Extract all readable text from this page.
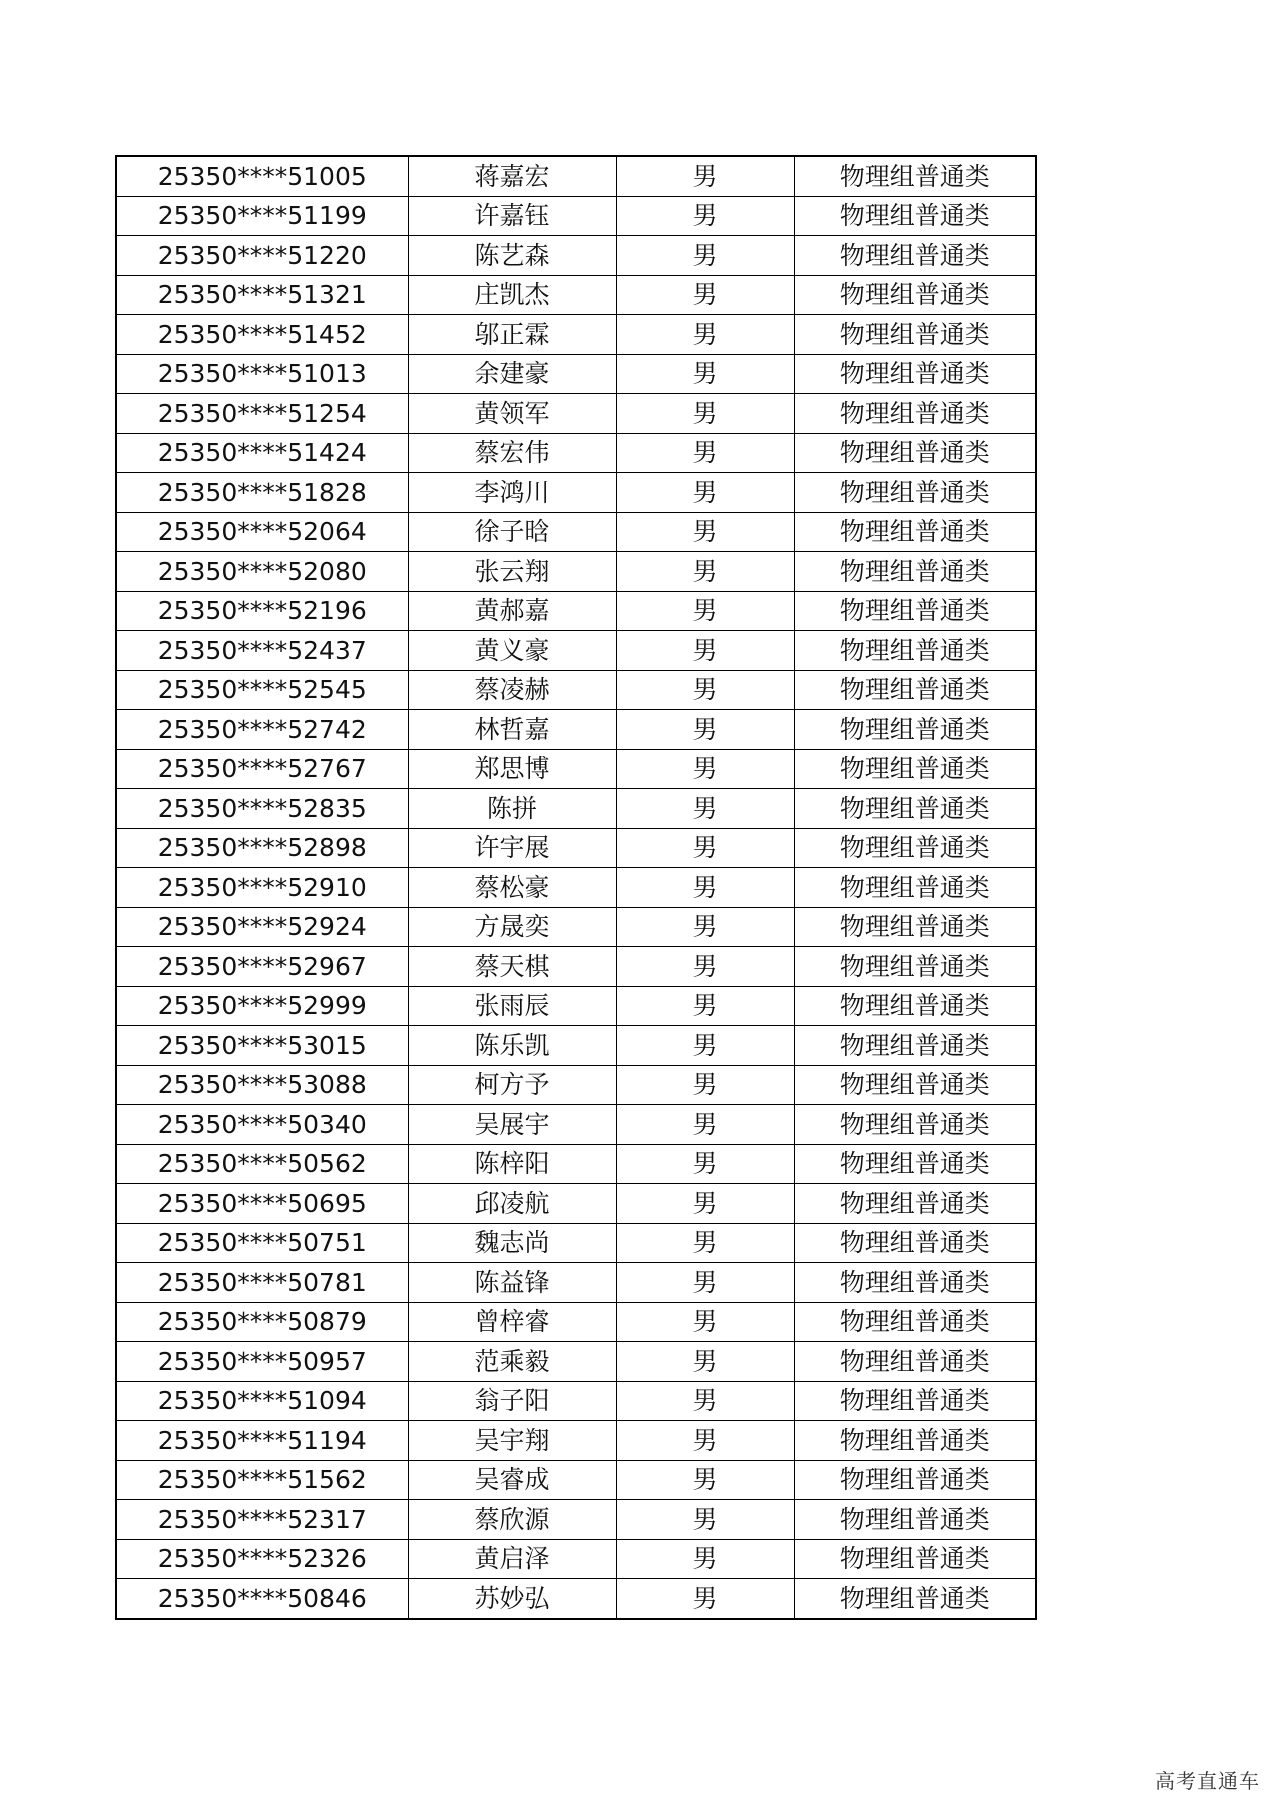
25350****51005	蒋嘉宏	男	物理组普通类
25350****51199	许嘉钰	男	物理组普通类
25350****51220	陈艺森	男	物理组普通类
25350****51321	庄凯杰	男	物理组普通类
25350****51452	邬正霖	男	物理组普通类
25350****51013	余建豪	男	物理组普通类
25350****51254	黄领军	男	物理组普通类
25350****51424	蔡宏伟	男	物理组普通类
25350****51828	李鸿川	男	物理组普通类
25350****52064	徐子晗	男	物理组普通类
25350****52080	张云翔	男	物理组普通类
25350****52196	黄郝嘉	男	物理组普通类
25350****52437	黄义豪	男	物理组普通类
25350****52545	蔡凌赫	男	物理组普通类
25350****52742	林哲嘉	男	物理组普通类
25350****52767	郑思博	男	物理组普通类
25350****52835	陈拼	男	物理组普通类
25350****52898	许宇展	男	物理组普通类
25350****52910	蔡松豪	男	物理组普通类
25350****52924	方晟奕	男	物理组普通类
25350****52967	蔡天棋	男	物理组普通类
25350****52999	张雨辰	男	物理组普通类
25350****53015	陈乐凯	男	物理组普通类
25350****53088	柯方予	男	物理组普通类
25350****50340	吴展宇	男	物理组普通类
25350****50562	陈梓阳	男	物理组普通类
25350****50695	邱凌航	男	物理组普通类
25350****50751	魏志尚	男	物理组普通类
25350****50781	陈益锋	男	物理组普通类
25350****50879	曾梓睿	男	物理组普通类
25350****50957	范乘毅	男	物理组普通类
25350****51094	翁子阳	男	物理组普通类
25350****51194	吴宇翔	男	物理组普通类
25350****51562	吴睿成	男	物理组普通类
25350****52317	蔡欣源	男	物理组普通类
25350****52326	黄启泽	男	物理组普通类
25350****50846	苏妙弘	男	物理组普通类
高考直通车
